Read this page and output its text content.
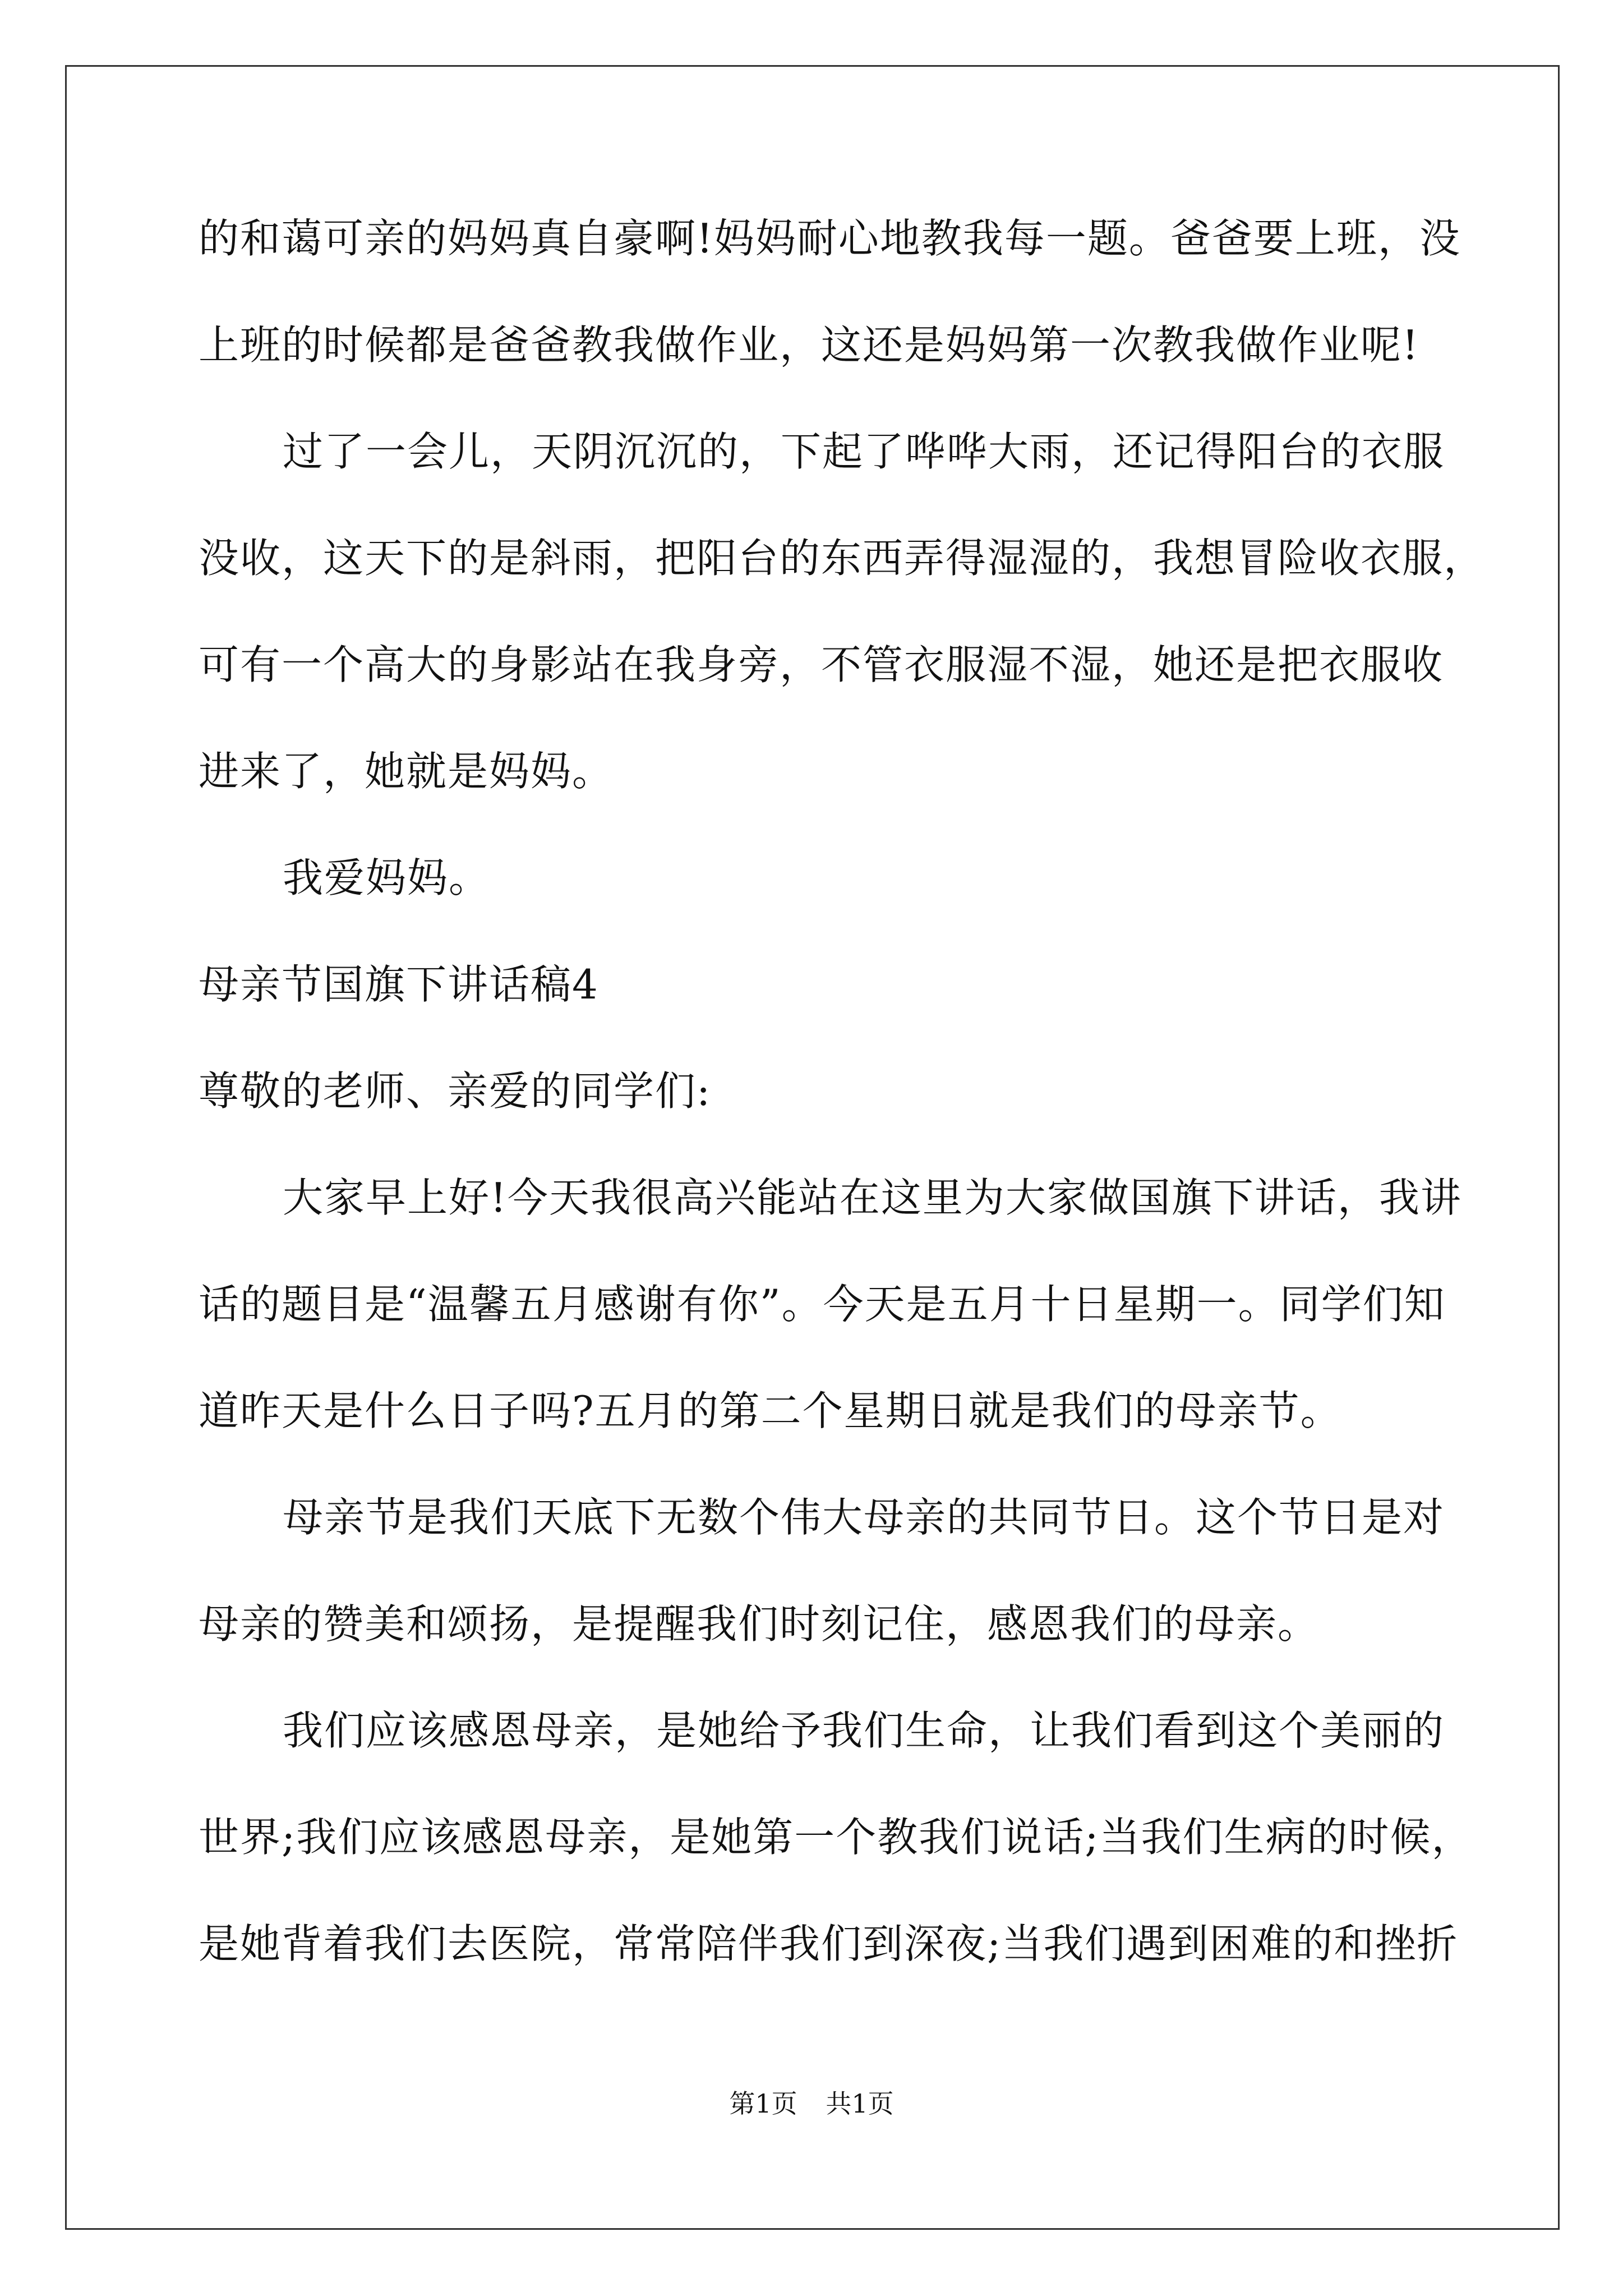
的和蔼可亲的妈妈真自豪啊!妈妈耐心地教我每一题。爸爸要上班，没
上班的时候都是爸爸教我做作业，这还是妈妈第一次教我做作业呢!
过了一会儿，天阴沉沉的，下起了哗哗大雨，还记得阳台的衣服
没收，这天下的是斜雨，把阳台的东西弄得湿湿的，我想冒险收衣服，
可有一个高大的身影站在我身旁，不管衣服湿不湿，她还是把衣服收
进来了，她就是妈妈。
我爱妈妈。
母亲节国旗下讲话稿4
尊敬的老师、亲爱的同学们:
大家早上好!今天我很高兴能站在这里为大家做国旗下讲话，我讲
话的题目是“温馨五月感谢有你”。今天是五月十日星期一。同学们知
道昨天是什么日子吗?五月的第二个星期日就是我们的母亲节。
母亲节是我们天底下无数个伟大母亲的共同节日。这个节日是对
母亲的赞美和颂扬，是提醒我们时刻记住，感恩我们的母亲。
我们应该感恩母亲，是她给予我们生命，让我们看到这个美丽的
世界;我们应该感恩母亲，是她第一个教我们说话;当我们生病的时候，
是她背着我们去医院，常常陪伴我们到深夜;当我们遇到困难的和挫折
第1页 共1页
